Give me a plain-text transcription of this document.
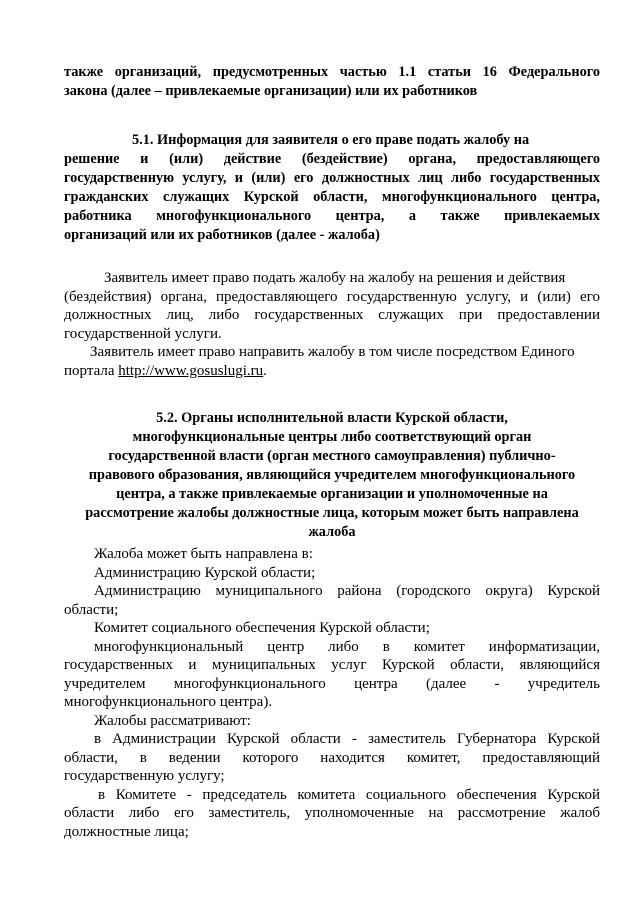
также организаций, предусмотренных частью 1.1 статьи 16 Федерального
закона (далее – привлекаемые организации) или их работников
5.1. Информация для заявителя о его праве подать жалобу на
решение и (или) действие (бездействие) органа, предоставляющего
государственную услугу, и (или) его должностных лиц либо государственных
гражданских служащих Курской области, многофункционального центра,
работника многофункционального центра, а также привлекаемых
организаций или их работников (далее - жалоба)
Заявитель имеет право подать жалобу на жалобу на решения и действия
(бездействия) органа, предоставляющего государственную услугу, и (или) его
должностных лиц, либо государственных служащих при предоставлении
государственной услуги.
Заявитель имеет право направить жалобу в том числе посредством Единого
портала http://www.gosuslugi.ru.
5.2. Органы исполнительной власти Курской области,
многофункциональные центры либо соответствующий орган
государственной власти (орган местного самоуправления) публично-
правового образования, являющийся учредителем многофункционального
центра, а также привлекаемые организации и уполномоченные на
рассмотрение жалобы должностные лица, которым может быть направлена
жалоба
Жалоба может быть направлена в:
Администрацию Курской области;
Администрацию муниципального района (городского округа) Курской
области;
Комитет социального обеспечения Курской области;
многофункциональный центр либо в комитет информатизации,
государственных и муниципальных услуг Курской области, являющийся
учредителем многофункционального центра (далее - учредитель
многофункционального центра).
Жалобы рассматривают:
в Администрации Курской области - заместитель Губернатора Курской
области, в ведении которого находится комитет, предоставляющий
государственную услугу;
в Комитете - председатель комитета социального обеспечения Курской
области либо его заместитель, уполномоченные на рассмотрение жалоб
должностные лица;
